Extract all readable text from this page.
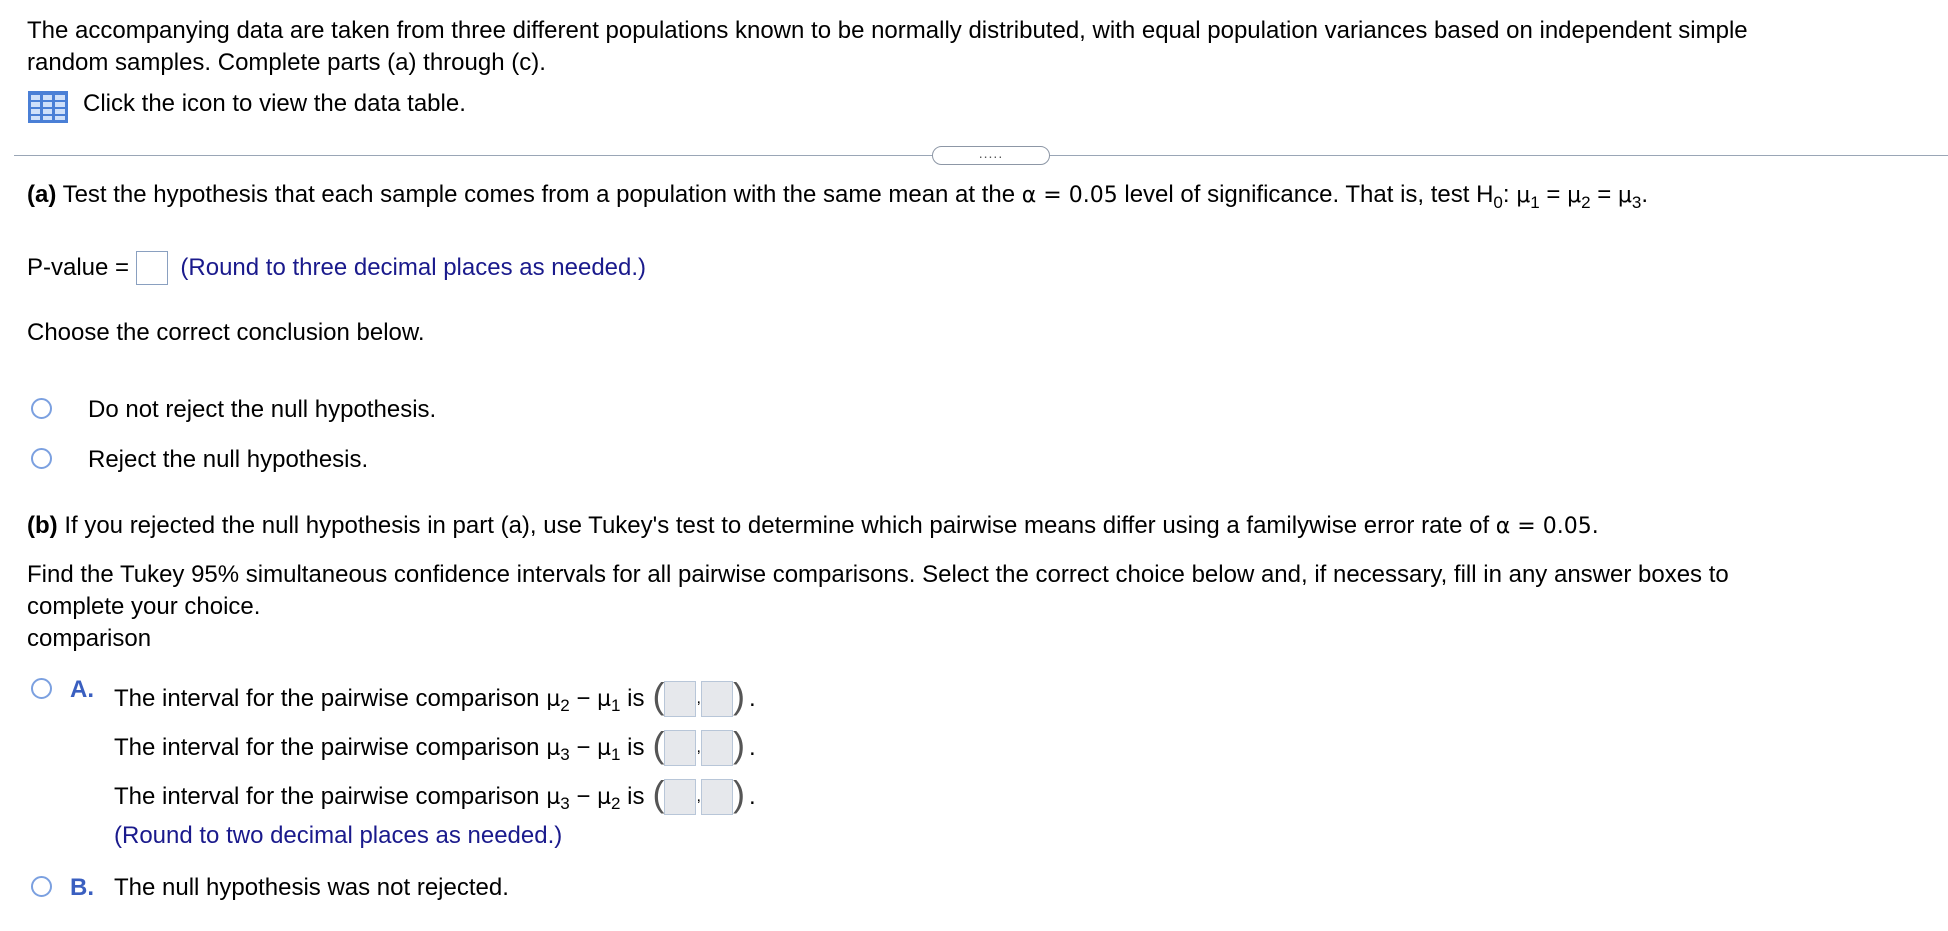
The accompanying data are taken from three different populations known to be normally distributed, with equal population variances based on independent simple
random samples. Complete parts (a) through (c).
Click the icon to view the data table.
.....
(a) Test the hypothesis that each sample comes from a population with the same mean at the α = 0.05 level of significance. That is, test $H_0$: $\mu_1 = \mu_2 = \mu_3$.
P-value = (Round to three decimal places as needed.)
Choose the correct conclusion below.
Do not reject the null hypothesis.
Reject the null hypothesis.
(b) If you rejected the null hypothesis in part (a), use Tukey's test to determine which pairwise means differ using a familywise error rate of α = 0.05.
Find the Tukey 95% simultaneous confidence intervals for all pairwise comparisons. Select the correct choice below and, if necessary, fill in any answer boxes to
complete your choice.
comparison
A. The interval for the pairwise comparison $\mu_2 - \mu_1$ is ( , ) .
The interval for the pairwise comparison $\mu_3 - \mu_1$ is ( , ) .
The interval for the pairwise comparison $\mu_3 - \mu_2$ is ( , ) .
(Round to two decimal places as needed.)
B. The null hypothesis was not rejected.
